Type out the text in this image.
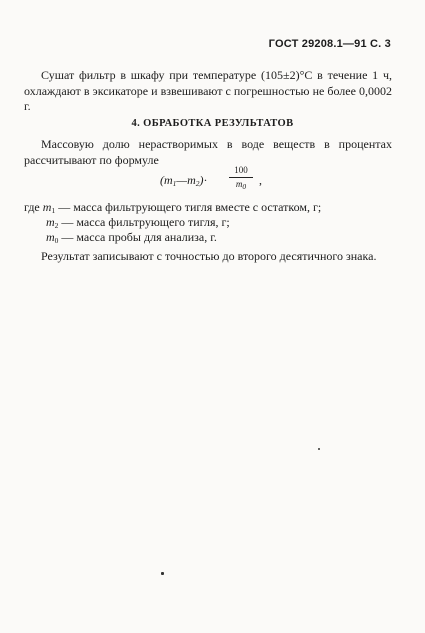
ГОСТ 29208.1—91 С. 3
Сушат фильтр в шкафу при температуре (105±2)°С в течение 1 ч, охлаждают в эксикаторе и взвешивают с погрешностью не более 0,0002 г.
4. ОБРАБОТКА РЕЗУЛЬТАТОВ
Массовую долю нерастворимых в воде веществ в процентах рассчитывают по формуле
$(m_1—m_2)\cdot$
100
$m_0$	,
где $m_1$ — масса фильтрующего тигля вместе с остатком, г;
$m_2$ — масса фильтрующего тигля, г;
$m_0$ — масса пробы для анализа, г.
Результат записывают с точностью до второго десятичного знака.
